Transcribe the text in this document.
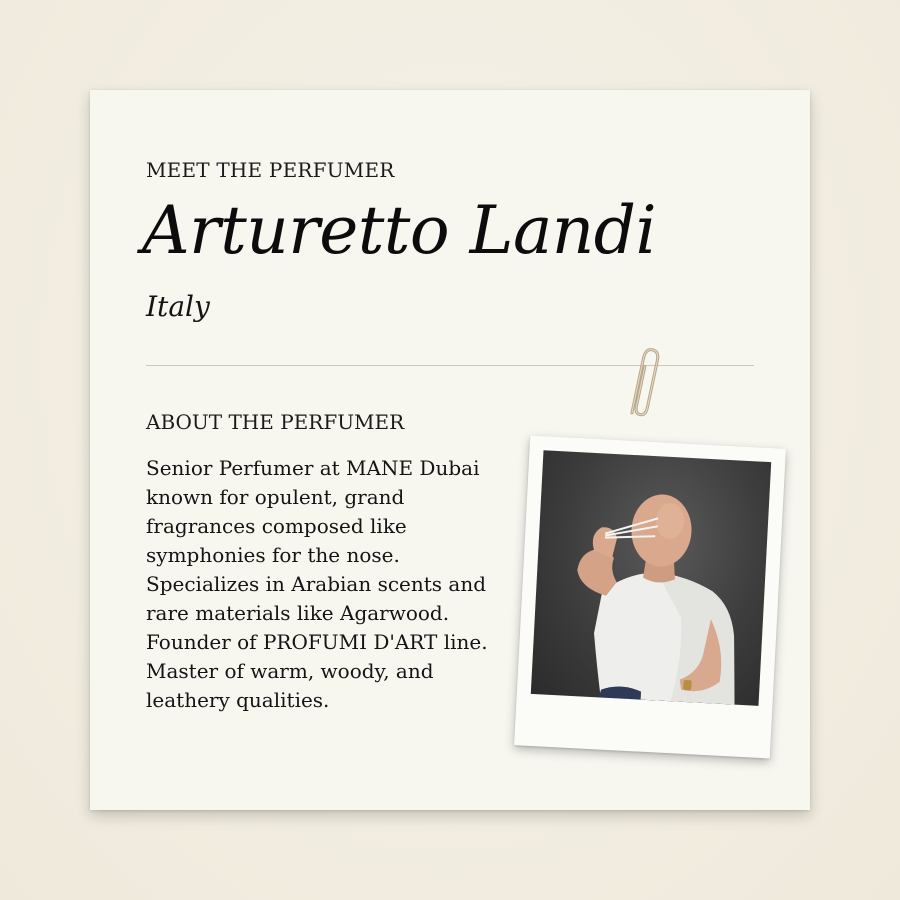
MEET THE PERFUMER
Arturetto Landi
Italy
ABOUT THE PERFUMER
Senior Perfumer at MANE Dubai
known for opulent, grand
fragrances composed like
symphonies for the nose.
Specializes in Arabian scents and
rare materials like Agarwood.
Founder of PROFUMI D'ART line.
Master of warm, woody, and
leathery qualities.
